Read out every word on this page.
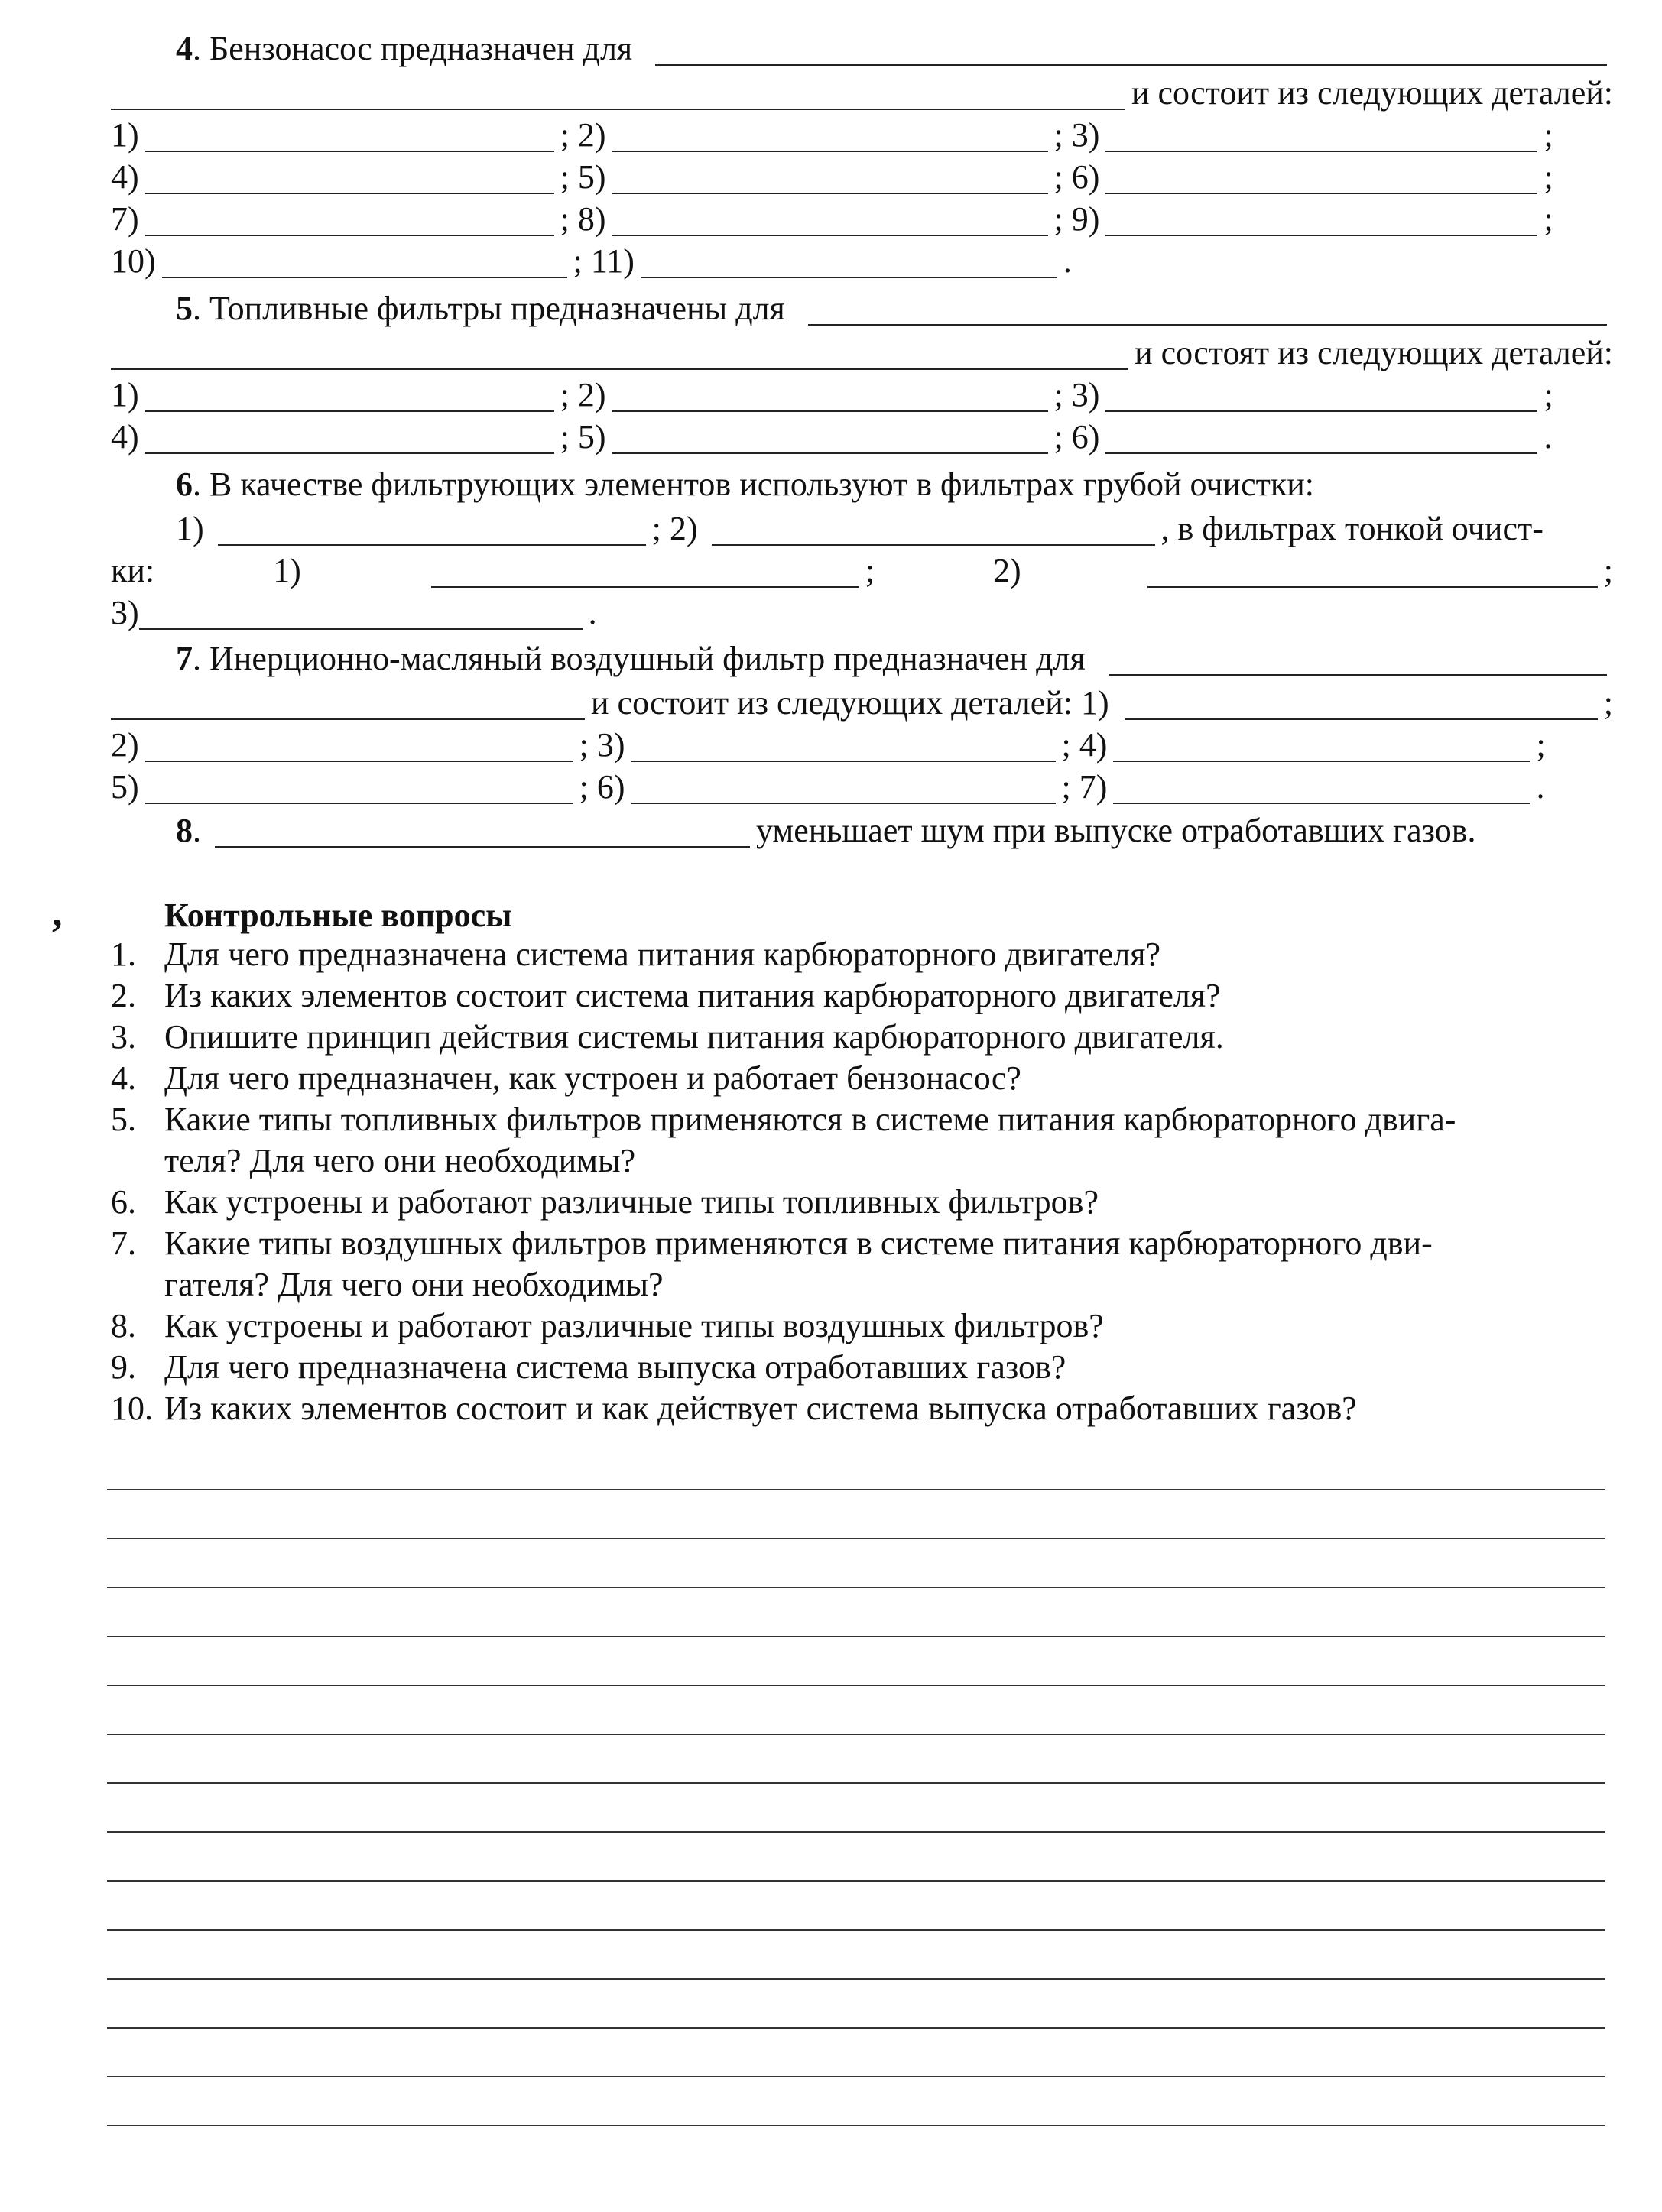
4 . Бензонасос предназначен для
и состоит из следующих деталей:
1)	; 2)	; 3)	;
4)	; 5)	; 6)	;
7)	; 8)	; 9)	;
10)	; 11)	.
5 . Топливные фильтры предназначены для
и состоят из следующих деталей:
1)	; 2)	; 3)	;
4)	; 5)	; 6)	.
6 . В качестве фильтрующих элементов используют в фильтрах грубой очистки:
1)	; 2)	, в фильтрах тонкой очист-
ки:	1)	;	2)	;
3)	.
7 . Инерционно-масляный воздушный фильтр предназначен для
и состоит из следующих деталей: 1)	;
2)	; 3)	; 4)	;
5)	; 6)	; 7)	.
8 .	уменьшает шум при выпуске отработавших газов.
,	Контрольные вопросы
1. Для чего предназначена система питания карбюраторного двигателя?
2. Из каких элементов состоит система питания карбюраторного двигателя?
3. Опишите принцип действия системы питания карбюраторного двигателя.
4. Для чего предназначен, как устроен и работает бензонасос?
5. Какие типы топливных фильтров применяются в системе питания карбюраторного двига-
теля? Для чего они необходимы?
6. Как устроены и работают различные типы топливных фильтров?
7. Какие типы воздушных фильтров применяются в системе питания карбюраторного дви-
гателя? Для чего они необходимы?
8. Как устроены и работают различные типы воздушных фильтров?
9. Для чего предназначена система выпуска отработавших газов?
10. Из каких элементов состоит и как действует система выпуска отработавших газов?
